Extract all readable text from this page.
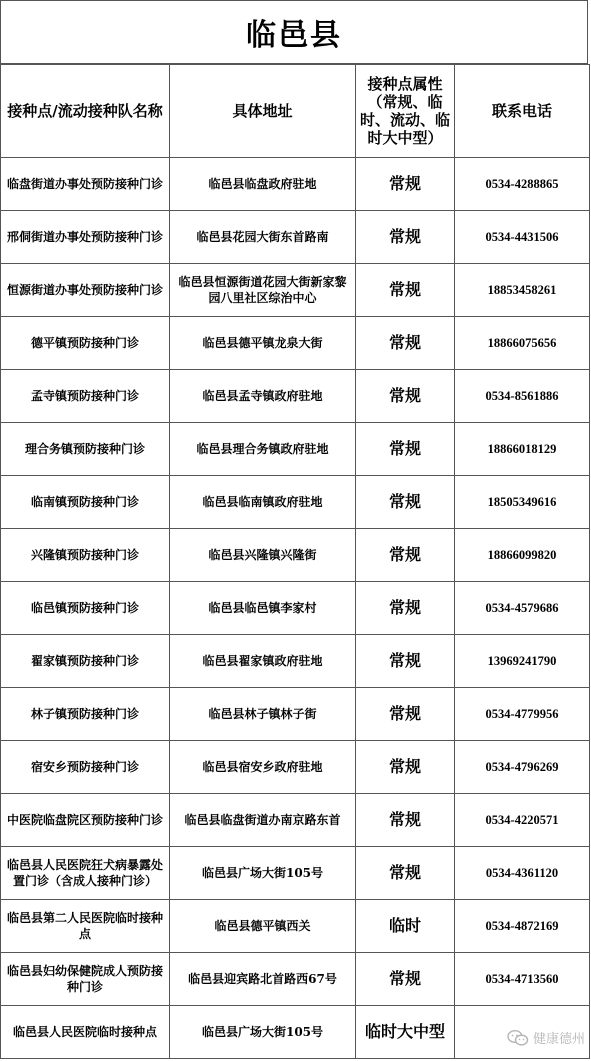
临邑县
接种点/流动接种队名称	具体地址	接种点属性（常规、临时、流动、临时大中型）	联系电话
临盘街道办事处预防接种门诊	临邑县临盘政府驻地	常规	0534-4288865
邢侗街道办事处预防接种门诊	临邑县花园大街东首路南	常规	0534-4431506
恒源街道办事处预防接种门诊	临邑县恒源街道花园大街新家黎园八里社区综治中心	常规	18853458261
德平镇预防接种门诊	临邑县德平镇龙泉大街	常规	18866075656
孟寺镇预防接种门诊	临邑县孟寺镇政府驻地	常规	0534-8561886
理合务镇预防接种门诊	临邑县理合务镇政府驻地	常规	18866018129
临南镇预防接种门诊	临邑县临南镇政府驻地	常规	18505349616
兴隆镇预防接种门诊	临邑县兴隆镇兴隆街	常规	18866099820
临邑镇预防接种门诊	临邑县临邑镇李家村	常规	0534-4579686
翟家镇预防接种门诊	临邑县翟家镇政府驻地	常规	13969241790
林子镇预防接种门诊	临邑县林子镇林子街	常规	0534-4779956
宿安乡预防接种门诊	临邑县宿安乡政府驻地	常规	0534-4796269
中医院临盘院区预防接种门诊	临邑县临盘街道办南京路东首	常规	0534-4220571
临邑县人民医院狂犬病暴露处置门诊（含成人接种门诊）	临邑县广场大街105号	常规	0534-4361120
临邑县第二人民医院临时接种点	临邑县德平镇西关	临时	0534-4872169
临邑县妇幼保健院成人预防接种门诊	临邑县迎宾路北首路西67号	常规	0534-4713560
临邑县人民医院临时接种点	临邑县广场大街105号	临时大中型		健康德州
